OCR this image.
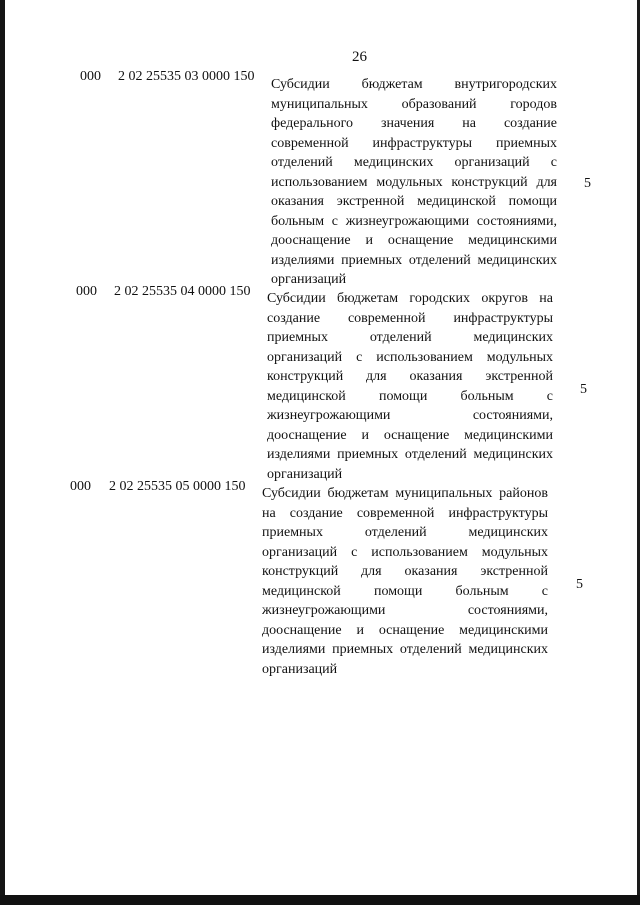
26
000 2 02 25535 03 0000 150
Субсидии бюджетам внутригородских муниципальных образований городов федерального значения на создание современной инфраструктуры приемных отделений медицинских организаций с использованием модульных конструкций для оказания экстренной медицинской помощи больным с жизнеугрожающими состояниями, дооснащение и оснащение медицинскими изделиями приемных отделений медицинских организаций
5
000 2 02 25535 04 0000 150 Субсидии бюджетам городских округов на создание современной инфраструктуры приемных отделений медицинских организаций с использованием модульных конструкций для оказания экстренной медицинской помощи больным с жизнеугрожающими состояниями, дооснащение и оснащение медицинскими изделиями приемных отделений медицинских организаций
5
000 2 02 25535 05 0000 150 Субсидии бюджетам муниципальных районов на создание современной инфраструктуры приемных отделений медицинских организаций с использованием модульных конструкций для оказания экстренной медицинской помощи больным с жизнеугрожающими состояниями, дооснащение и оснащение медицинскими изделиями приемных отделений медицинских организаций
5
